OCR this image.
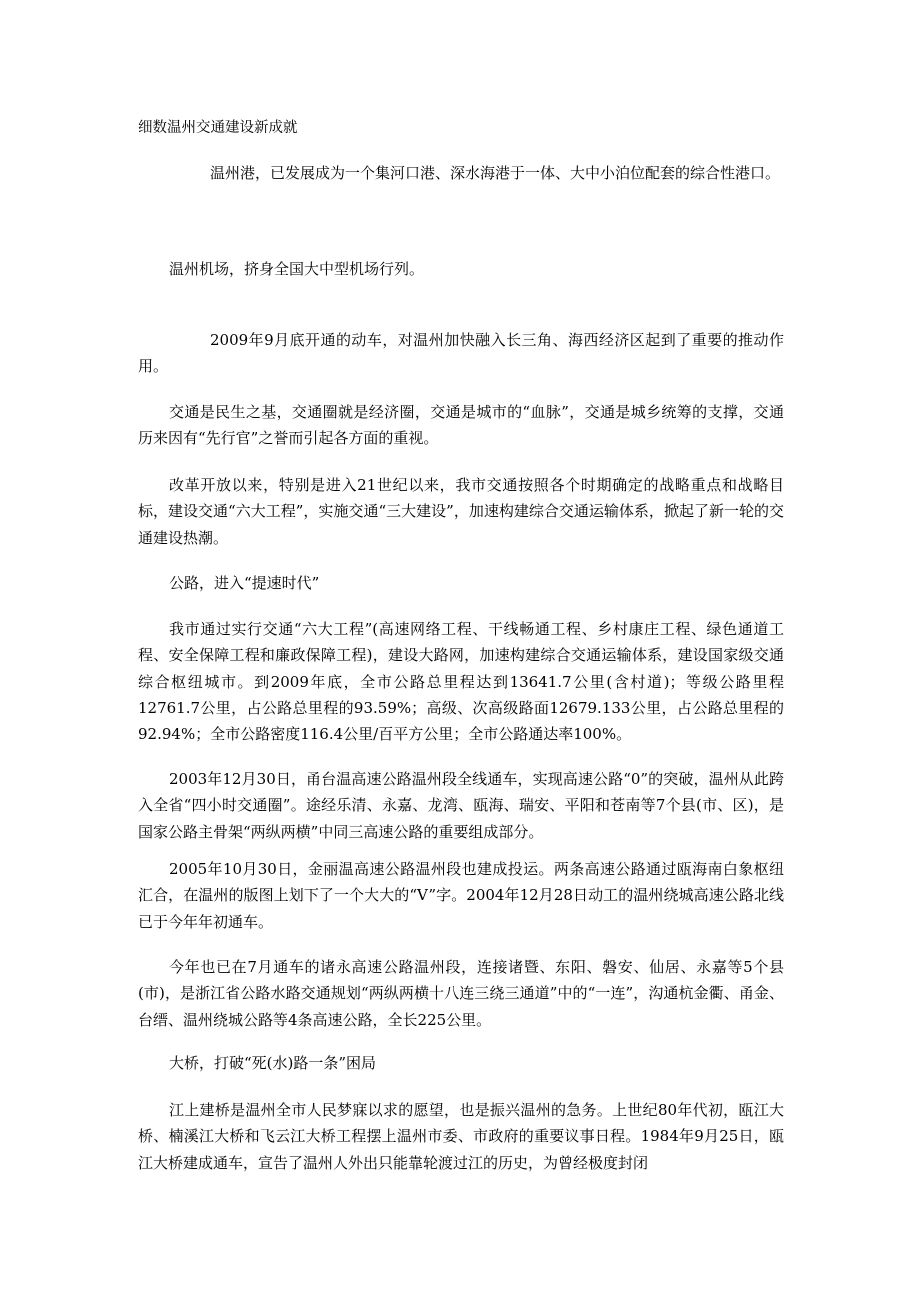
细数温州交通建设新成就

温州港，已发展成为一个集河口港、深水海港于一体、大中小泊位配套的综合性港口。

温州机场，挤身全国大中型机场行列。

2009年9月底开通的动车，对温州加快融入长三角、海西经济区起到了重要的推动作用。

交通是民生之基，交通圈就是经济圈，交通是城市的“血脉”，交通是城乡统筹的支撑，交通历来因有“先行官”之誉而引起各方面的重视。

改革开放以来，特别是进入21世纪以来，我市交通按照各个时期确定的战略重点和战略目标，建设交通“六大工程”，实施交通“三大建设”，加速构建综合交通运输体系，掀起了新一轮的交通建设热潮。

公路，进入“提速时代”

我市通过实行交通“六大工程”(高速网络工程、干线畅通工程、乡村康庄工程、绿色通道工程、安全保障工程和廉政保障工程)，建设大路网，加速构建综合交通运输体系，建设国家级交通综合枢纽城市。到2009年底，全市公路总里程达到13641.7公里(含村道)；等级公路里程12761.7公里，占公路总里程的93.59%；高级、次高级路面12679.133公里，占公路总里程的92.94%；全市公路密度116.4公里/百平方公里；全市公路通达率100%。

2003年12月30日，甬台温高速公路温州段全线通车，实现高速公路“0”的突破，温州从此跨入全省“四小时交通圈”。途经乐清、永嘉、龙湾、瓯海、瑞安、平阳和苍南等7个县(市、区)，是国家公路主骨架“两纵两横”中同三高速公路的重要组成部分。

2005年10月30日，金丽温高速公路温州段也建成投运。两条高速公路通过瓯海南白象枢纽汇合，在温州的版图上划下了一个大大的“V”字。2004年12月28日动工的温州绕城高速公路北线已于今年年初通车。

今年也已在7月通车的诸永高速公路温州段，连接诸暨、东阳、磐安、仙居、永嘉等5个县(市)，是浙江省公路水路交通规划“两纵两横十八连三绕三通道”中的“一连”，沟通杭金衢、甬金、台缙、温州绕城公路等4条高速公路，全长225公里。

大桥，打破“死(水)路一条”困局

江上建桥是温州全市人民梦寐以求的愿望，也是振兴温州的急务。上世纪80年代初，瓯江大桥、楠溪江大桥和飞云江大桥工程摆上温州市委、市政府的重要议事日程。1984年9月25日，瓯江大桥建成通车，宣告了温州人外出只能靠轮渡过江的历史，为曾经极度封闭
